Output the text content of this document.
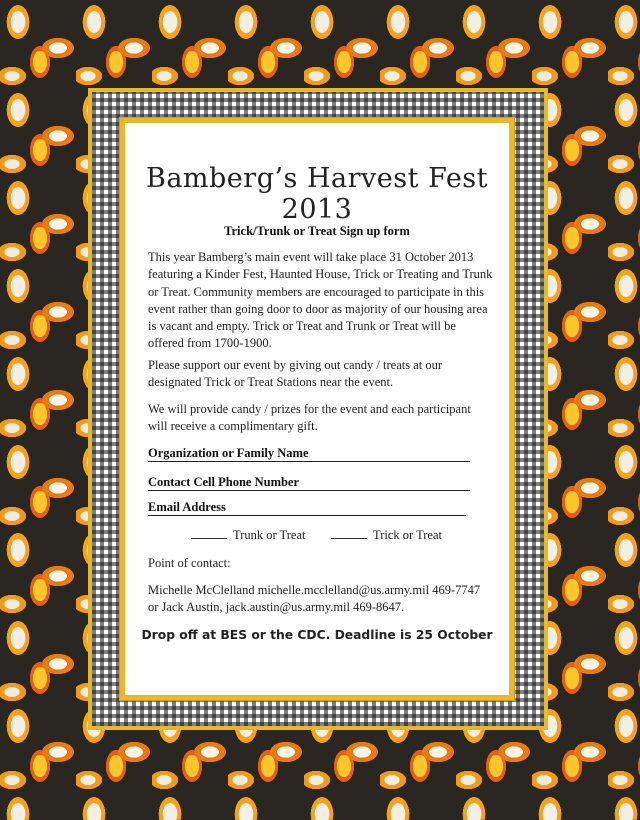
Bamberg’s Harvest Fest 2013
Trick/Trunk or Treat Sign up form
This year Bamberg’s main event will take place 31 October 2013 featuring a Kinder Fest, Haunted House, Trick or Treating and Trunk or Treat. Community members are encouraged to participate in this event rather than going door to door as majority of our housing area is vacant and empty. Trick or Treat and Trunk or Treat will be offered from 1700-1900.
Please support our event by giving out candy / treats at our designated Trick or Treat Stations near the event.
We will provide candy / prizes for the event and each participant will receive a complimentary gift.
Organization or Family Name
Contact Cell Phone Number
Email Address
Trunk or Treat	Trick or Treat
Point of contact:
Michelle McClelland michelle.mcclelland@us.army.mil 469-7747 or Jack Austin, jack.austin@us.army.mil 469-8647.
Drop off at BES or the CDC. Deadline is 25 October
